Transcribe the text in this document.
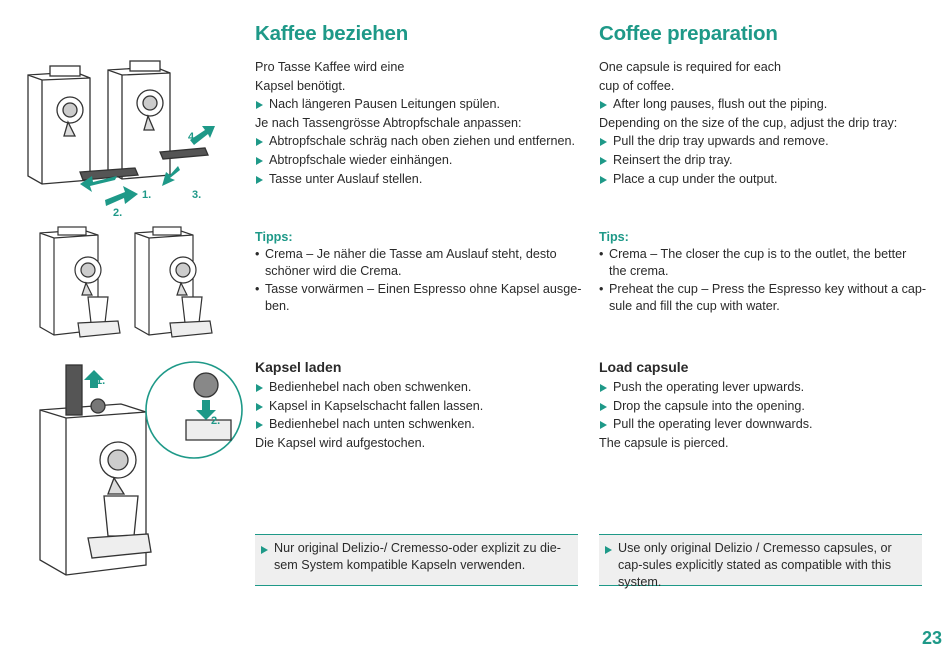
1.
2.
3.
4.
1.
2.
Kaffee beziehen
Pro Tasse Kaffee wird eine
Kapsel benötigt.
Nach längeren Pausen Leitungen spülen.
Je nach Tassengrösse Abtropfschale anpassen:
Abtropfschale schräg nach oben ziehen und entfernen.
Abtropfschale wieder einhängen.
Tasse unter Auslauf stellen.
Tipps:
• Crema – Je näher die Tasse am Auslauf steht, desto
schöner wird die Crema.
• Tasse vorwärmen – Einen Espresso ohne Kapsel ausge-
ben.
Kapsel laden
Bedienhebel nach oben schwenken.
Kapsel in Kapselschacht fallen lassen.
Bedienhebel nach unten schwenken.
Die Kapsel wird aufgestochen.
Nur original Delizio-/ Cremesso-oder explizit zu die-sem System kompatible Kapseln verwenden.
Coffee preparation
One capsule is required for each
cup of coffee.
After long pauses, flush out the piping.
Depending on the size of the cup, adjust the drip tray:
Pull the drip tray upwards and remove.
Reinsert the drip tray.
Place a cup under the output.
Tips:
• Crema – The closer the cup is to the outlet, the better
the crema.
• Preheat the cup – Press the Espresso key without a cap-
sule and fill the cup with water.
Load capsule
Push the operating lever upwards.
Drop the capsule into the opening.
Pull the operating lever downwards.
The capsule is pierced.
Use only original Delizio / Cremesso capsules, or cap-sules explicitly stated as compatible with this system.
23
